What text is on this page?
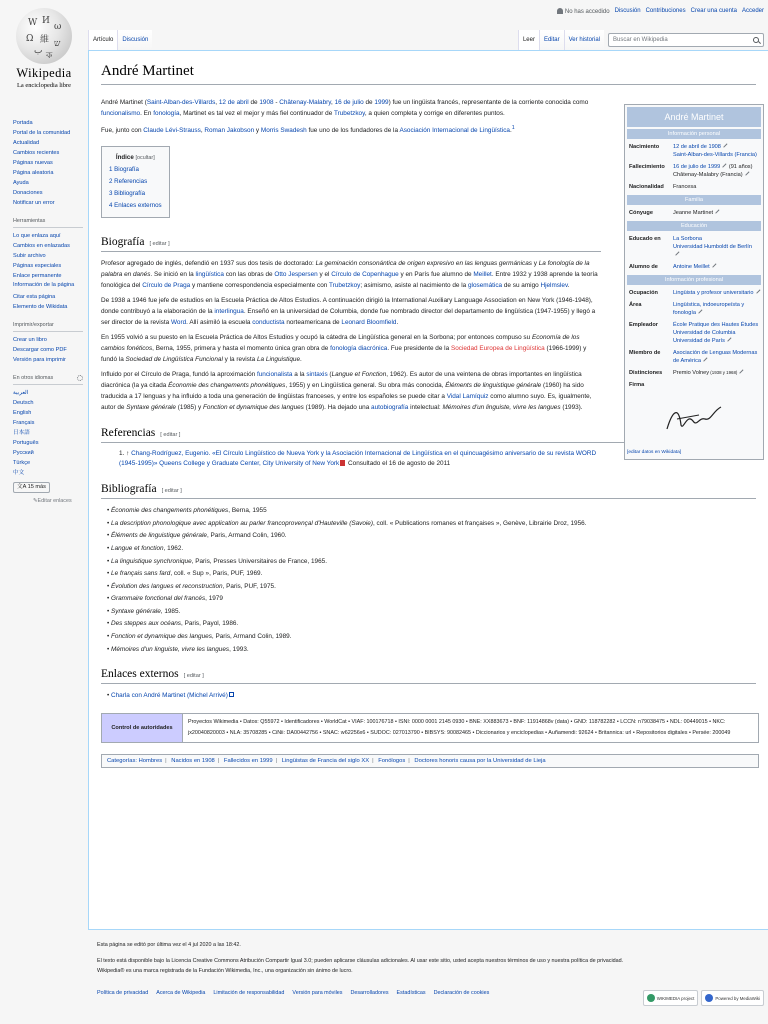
No has accedido Discusión Contribuciones Crear una cuenta Acceder
W И
ω
Ω 維 ש
ب ক
Wikipedia
La enciclopedia libre
Portada
Portal de la comunidad
Actualidad
Cambios recientes
Páginas nuevas
Página aleatoria
Ayuda
Donaciones
Notificar un error
Herramientas
Lo que enlaza aquí
Cambios en enlazadas
Subir archivo
Páginas especiales
Enlace permanente
Información de la página
Citar esta página
Elemento de Wikidata
Imprimir/exportar
Crear un libro
Descargar como PDF
Versión para imprimir
En otros idiomas
العربية
Deutsch
English
Français
日本語
Português
Русский
Türkçe
中文
文A 15 más
✎Editar enlaces
Artículo	Discusión	Leer	Editar	Ver historial	Buscar en Wikipedia
André Martinet

André Martinet (Saint-Alban-des-Villards, 12 de abril de 1908 - Châtenay-Malabry, 16 de julio de 1999) fue un lingüista francés, representante de la corriente conocida como funcionalismo. En fonología, Martinet es tal vez el mejor y más fiel continuador de Trubetzkoy, a quien completa y corrige en diferentes puntos.

Fue, junto con Claude Lévi-Strauss, Roman Jakobson y Morris Swadesh fue uno de los fundadores de la Asociación Internacional de Lingüística.$^1$

Índice [ocultar]
1 Biografía
2 Referencias
3 Bibliografía
4 Enlaces externos
Biografía [ editar ]

Profesor agregado de inglés, defendió en 1937 sus dos tesis de doctorado: La geminación consonántica de origen expresivo en las lenguas germánicas y La fonología de la palabra en danés. Se inició en la lingüística con las obras de Otto Jespersen y el Círculo de Copenhague y en París fue alumno de Meillet. Entre 1932 y 1938 aprende la teoría fonológica del Círculo de Praga y mantiene correspondencia especialmente con Trubetzkoy; asimismo, asiste al nacimiento de la glosemática de su amigo Hjelmslev.

De 1938 a 1946 fue jefe de estudios en la Escuela Práctica de Altos Estudios. A continuación dirigió la International Auxiliary Language Association en New York (1946-1948), donde contribuyó a la elaboración de la interlingua. Enseñó en la universidad de Columbia, donde fue nombrado director del departamento de lingüística (1947-1955) y llegó a ser director de la revista Word. Allí asimiló la escuela conductista norteamericana de Leonard Bloomfield.

En 1955 volvió a su puesto en la Escuela Práctica de Altos Estudios y ocupó la cátedra de Lingüística general en la Sorbona; por entonces compuso su Economía de los cambios fonéticos, Berna, 1955, primera y hasta el momento única gran obra de fonología diacrónica. Fue presidente de la Sociedad Europea de Lingüística (1966-1999) y fundó la Sociedad de Lingüística Funcional y la revista La Linguistique.

Influido por el Círculo de Praga, fundó la aproximación funcionalista a la sintaxis (Langue et Fonction, 1962). Es autor de una veintena de obras importantes en lingüística diacrónica (la ya citada Économie des changements phonétiques, 1955) y en Lingüística general. Su obra más conocida, Éléments de linguistique générale (1960) ha sido traducida a 17 lenguas y ha influido a toda una generación de lingüistas franceses, y entre los españoles se puede citar a Vidal Lamíquiz como alumno suyo. Es, igualmente, autor de Syntaxe générale (1985) y Fonction et dynamique des langues (1989). Ha dejado una autobiografía intelectual: Mémoires d'un linguiste, vivre les langues (1993).

Referencias [ editar ]
1. ↑ Chang-Rodríguez, Eugenio. «El Círculo Lingüístico de Nueva York y la Asociación Internacional de Lingüística en el quincuagésimo aniversario de su revista WORD (1945-1995)» Queens College y Graduate Center, City University of New York Consultado el 16 de agosto de 2011
Bibliografía [ editar ]
• Économie des changements phonétiques, Berna, 1955
• La description phonologique avec application au parler francoprovençal d'Hauteville (Savoie), coll. « Publications romanes et françaises », Genève, Librairie Droz, 1956.
• Éléments de linguistique générale, Paris, Armand Colin, 1960.
• Langue et fonction, 1962.
• La linguistique synchronique, Paris, Presses Universitaires de France, 1965.
• Le français sans fard, coll. « Sup », Paris, PUF, 1969.
• Évolution des langues et reconstruction, Paris, PUF, 1975.
• Grammaire fonctional del francés, 1979
• Syntaxe générale, 1985.
• Des steppes aux océans, Paris, Payol, 1986.
• Fonction et dynamique des langues, Paris, Armand Colin, 1989.
• Mémoires d'un linguiste, vivre les langues, 1993.
Enlaces externos [ editar ]
• Charla con André Martinet (Michel Arrivé)
Control de autoridades
Proyectos Wikimedia • Datos: Q55972 • Identificadores • WorldCat • VIAF: 100176718 • ISNI: 0000 0001 2145 0930 • BNE: XX883673 • BNF: 11914868v (data) • GND: 118782282 • LCCN: n79038475 • NDL: 00449015 • NKC: jx20040820003 • NLA: 35708285 • CiNii: DA00442756 • SNAC: w62256x6 • SUDOC: 027013790 • BIBSYS: 90082465 • Diccionarios y enciclopedias • Auñamendi: 92624 • Britannica: url • Repositorios digitales • Persée: 200049
Categorías: Hombres | Nacidos en 1908 | Fallecidos en 1999 | Lingüistas de Francia del siglo XX | Fonólogos | Doctores honoris causa por la Universidad de Lieja
André Martinet
Información personal
Nacimiento	12 de abril de 1908
Saint-Alban-des-Villards (Francia)
Fallecimiento	16 de julio de 1999 (91 años)
Châtenay-Malabry (Francia)
Nacionalidad	Francesa
Familia
Cónyuge	Jeanne Martinet
Educación
Educado en	La Sorbona
Universidad Humboldt de Berlín

Alumno de	Antoine Meillet
Información profesional
Ocupación	Lingüista y profesor universitario
Área	Lingüística, indoeuropeísta y fonología
Empleador	École Pratique des Hautes Études
Universidad de Columbia
Universidad de París
Miembro de	Asociación de Lenguas Modernas de América
Distinciones	Premio Volney (1938 y 1968)
Firma
[editar datos en Wikidata]
Esta página se editó por última vez el 4 jul 2020 a las 18:42.
El texto está disponible bajo la Licencia Creative Commons Atribución Compartir Igual 3.0; pueden aplicarse cláusulas adicionales. Al usar este sitio, usted acepta nuestros términos de uso y nuestra política de privacidad.
Wikipedia® es una marca registrada de la Fundación Wikimedia, Inc., una organización sin ánimo de lucro.
Política de privacidad Acerca de Wikipedia Limitación de responsabilidad Versión para móviles Desarrolladores Estadísticas Declaración de cookies
WIKIMEDIA project	Powered by MediaWiki
